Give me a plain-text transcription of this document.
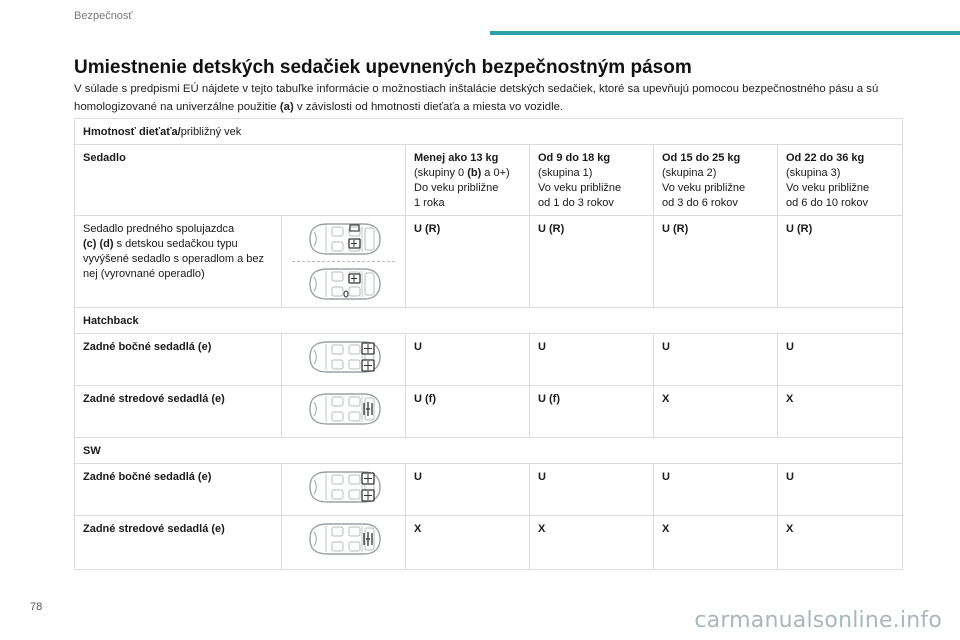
Bezpečnosť
Umiestnenie detských sedačiek upevnených bezpečnostným pásom
V súlade s predpismi EÚ nájdete v tejto tabuľke informácie o možnostiach inštalácie detských sedačiek, ktoré sa upevňujú pomocou bezpečnostného pásu a sú homologizované na univerzálne použitie (a) v závislosti od hmotnosti dieťaťa a miesta vo vozidle.
Hmotnosť dieťaťa/približný vek					
Sedadlo		Menej ako 13 kg
(skupiny 0 (b) a 0+)
Do veku približne
1 roka	Od 9 do 18 kg
(skupina 1)
Vo veku približne
od 1 do 3 rokov	Od 15 do 25 kg
(skupina 2)
Vo veku približne
od 3 do 6 rokov	Od 22 do 36 kg
(skupina 3)
Vo veku približne
od 6 do 10 rokov
Sedadlo predného spolujazdca
(c) (d) s detskou sedačkou typu vyvýšené sedadlo s operadlom a bez nej (vyrovnané operadlo)		U (R)	U (R)	U (R)	U (R)
Hatchback					
Zadné bočné sedadlá (e)		U	U	U	U
Zadné stredové sedadlá (e)		U (f)	U (f)	X	X
SW					
Zadné bočné sedadlá (e)		U	U	U	U
Zadné stredové sedadlá (e)		X	X	X	X
78
carmanualsonline.info
